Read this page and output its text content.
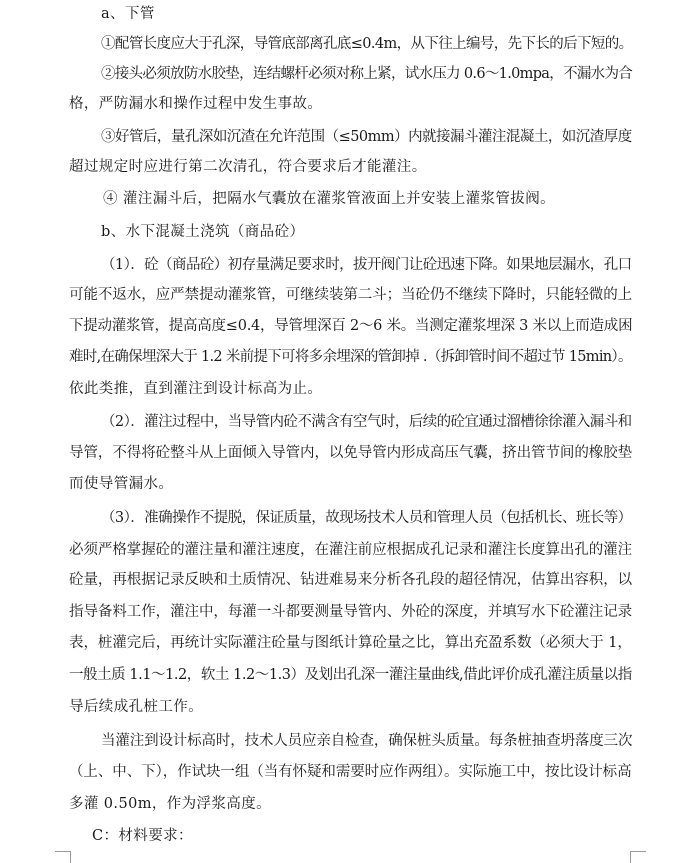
a、下管
①配管长度应大于孔深，导管底部离孔底≤0.4m，从下往上编号，先下长的后下短的。
②接头必须放防水胶垫，连结螺杆必须对称上紧，试水压力 0.6～1.0mpa，不漏水为合
格，严防漏水和操作过程中发生事故。
③好管后，量孔深如沉渣在允许范围（≤50mm）内就接漏斗灌注混凝土，如沉渣厚度
超过规定时应进行第二次清孔，符合要求后才能灌注。
④ 灌注漏斗后，把隔水气囊放在灌浆管液面上并安装上灌浆管拔阀。
b、水下混凝土浇筑（商品砼）
（1）．砼（商品砼）初存量满足要求时，拔开阀门让砼迅速下降。如果地层漏水，孔口
可能不返水，应严禁提动灌浆管，可继续装第二斗；当砼仍不继续下降时，只能轻微的上
下提动灌浆管，提高高度≤0.4，导管埋深百 2～6 米。当测定灌浆埋深 3 米以上而造成困
难时,在确保埋深大于 1.2 米前提下可将多余埋深的管卸掉 .（拆卸管时间不超过节 15min）。
依此类推，直到灌注到设计标高为止。
（2）．灌注过程中，当导管内砼不满含有空气时，后续的砼宜通过溜槽徐徐灌入漏斗和
导管，不得将砼整斗从上面倾入导管内，以免导管内形成高压气囊，挤出管节间的橡胶垫
而使导管漏水。
（3）．准确操作不提脱，保证质量，故现场技术人员和管理人员（包括机长、班长等）
必须严格掌握砼的灌注量和灌注速度，在灌注前应根据成孔记录和灌注长度算出孔的灌注
砼量，再根据记录反映和土质情况、钻进难易来分析各孔段的超径情况，估算出容积，以
指导备料工作，灌注中，每灌一斗都要测量导管内、外砼的深度，并填写水下砼灌注记录
表，桩灌完后，再统计实际灌注砼量与图纸计算砼量之比，算出充盈系数（必须大于 1，
一般土质 1.1～1.2，软土 1.2～1.3）及划出孔深一灌注量曲线,借此评价成孔灌注质量以指
导后续成孔桩工作。
当灌注到设计标高时，技术人员应亲自检查，确保桩头质量。每条桩抽查坍落度三次
（上、中、下），作试块一组（当有怀疑和需要时应作两组）。实际施工中，按比设计标高
多灌 0.50m，作为浮浆高度。
C：材料要求：
